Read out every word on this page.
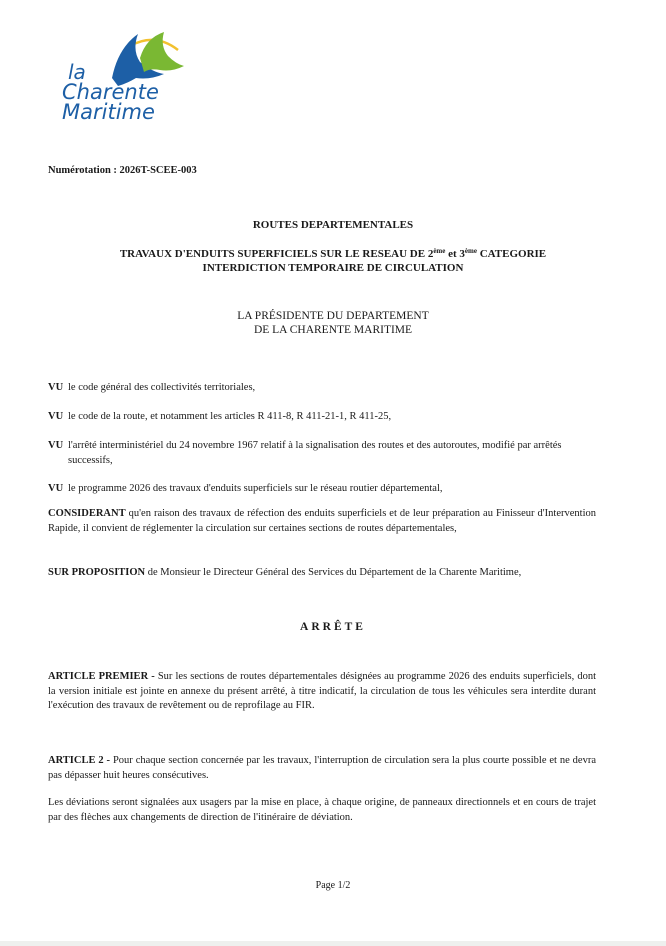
la
Charente
Maritime
Numérotation : 2026T-SCEE-003
ROUTES DEPARTEMENTALES
TRAVAUX D'ENDUITS SUPERFICIELS SUR LE RESEAU DE 2ème et 3ème CATEGORIE
INTERDICTION TEMPORAIRE DE CIRCULATION
LA PRÉSIDENTE DU DEPARTEMENT
DE LA CHARENTE MARITIME
VU le code général des collectivités territoriales,
VU le code de la route, et notamment les articles R 411-8, R 411-21-1, R 411-25,
VU l'arrêté interministériel du 24 novembre 1967 relatif à la signalisation des routes et des autoroutes, modifié par arrêtés successifs,
VU le programme 2026 des travaux d'enduits superficiels sur le réseau routier départemental,
CONSIDERANT qu'en raison des travaux de réfection des enduits superficiels et de leur préparation au Finisseur d'Intervention Rapide, il convient de réglementer la circulation sur certaines sections de routes départementales,
SUR PROPOSITION de Monsieur le Directeur Général des Services du Département de la Charente Maritime,
ARRÊTE
ARTICLE PREMIER - Sur les sections de routes départementales désignées au programme 2026 des enduits superficiels, dont la version initiale est jointe en annexe du présent arrêté, à titre indicatif, la circulation de tous les véhicules sera interdite durant l'exécution des travaux de revêtement ou de reprofilage au FIR.
ARTICLE 2 - Pour chaque section concernée par les travaux, l'interruption de circulation sera la plus courte possible et ne devra pas dépasser huit heures consécutives.
Les déviations seront signalées aux usagers par la mise en place, à chaque origine, de panneaux directionnels et en cours de trajet par des flèches aux changements de direction de l'itinéraire de déviation.
Page 1/2
